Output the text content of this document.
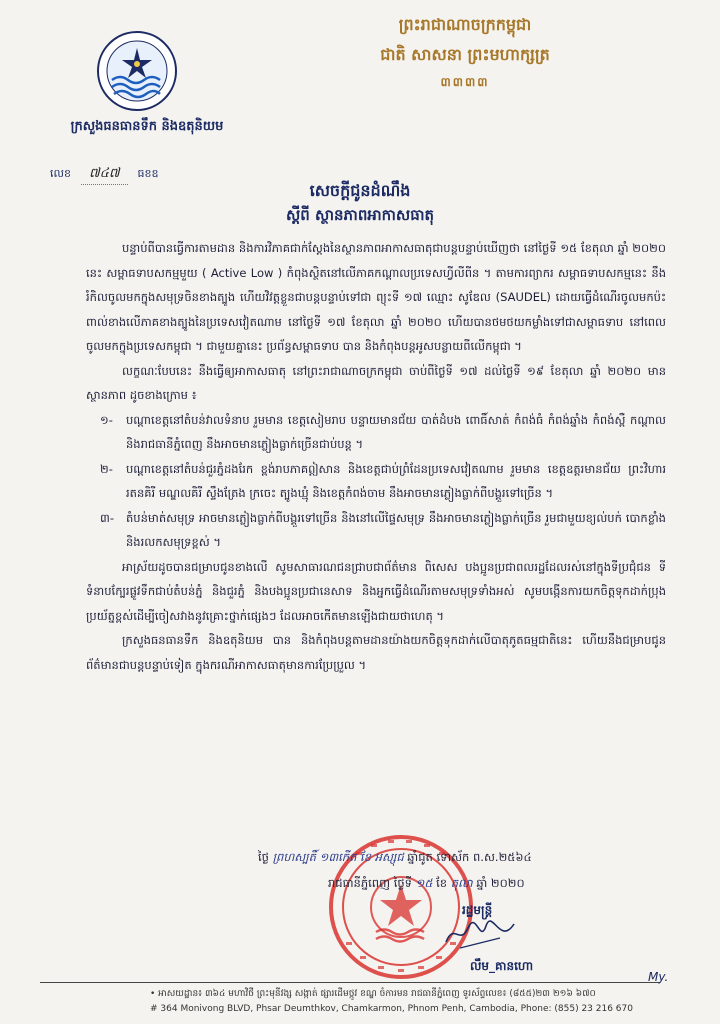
ក្រសួងធនធានទឹក និងឧតុនិយម
លេខ	៧៤៧	ធខឧ
ព្រះរាជាណាចក្រកម្ពុជា
ជាតិ សាសនា ព្រះមហាក្សត្រ
៣៣៣៣
សេចក្តីជូនដំណឹង
ស្តីពី ស្ថានភាពអាកាសធាតុ

បន្ទាប់ពីបានធ្វើការតាមដាន និងការវិភាគជាក់ស្តែងនៃស្ថានភាពអាកាសធាតុជាបន្តបន្ទាប់ឃើញថា នៅថ្ងៃទី ១៥ ខែតុលា ឆ្នាំ ២០២០ នេះ សម្ពាធទាបសកម្មមួយ ( Active Low ) កំពុងស្ថិតនៅលើភាគកណ្តាលប្រទេសហ្វីលីពីន ។ តាមការព្យាករ សម្ពាធទាបសកម្មនេះ នឹងរំកិលចូលមកក្នុងសមុទ្រចិនខាងត្បូង ហើយវិវត្តខ្លួនជាបន្តបន្ទាប់ទៅជា ព្យុះទី ១៧ ឈ្មោះ សូឌែល (SAUDEL) ដោយធ្វើដំណើរចូលមកប៉ះពាល់ខាងលើភាគខាងត្បូងនៃប្រទេសវៀតណាម នៅថ្ងៃទី ១៧ ខែតុលា ឆ្នាំ ២០២០ ហើយបានថមថយកម្លាំងទៅជាសម្ពាធទាប នៅពេលចូលមកក្នុងប្រទេសកម្ពុជា ។ ជាមួយគ្នានេះ ប្រព័ន្ធសម្ពាធទាប បាន និងកំពុងបន្តអូសបន្លាយពីលើកម្ពុជា ។

លក្ខណៈបែបនេះ នឹងធ្វើឲ្យអាកាសធាតុ នៅព្រះរាជាណាចក្រកម្ពុជា ចាប់ពីថ្ងៃទី ១៧ ដល់ថ្ងៃទី ១៩ ខែតុលា ឆ្នាំ ២០២០ មានស្ថានភាព ដូចខាងក្រោម ៖

១- បណ្តាខេត្តនៅតំបន់វាលទំនាប រួមមាន ខេត្តសៀមរាប បន្ទាយមានជ័យ បាត់ដំបង ពោធិ៍សាត់ កំពង់ធំ កំពង់ឆ្នាំង កំពង់ស្ពឺ កណ្តាល និងរាជធានីភ្នំពេញ នឹងអាចមានភ្លៀងធ្លាក់ច្រើនជាប់បន្ត ។
២- បណ្តាខេត្តនៅតំបន់ជួរភ្នំដងរែក ខ្ពង់រាបភាគឦសាន និងខេត្តជាប់ព្រំដែនប្រទេសវៀតណាម រួមមាន ខេត្តឧត្តរមានជ័យ ព្រះវិហារ រតនគិរី មណ្ឌលគិរី ស្ទឹងត្រែង ក្រចេះ ត្បូងឃ្មុំ និងខេត្តកំពង់ចាម នឹងអាចមានភ្លៀងធ្លាក់ពីបង្គួរទៅច្រើន ។
៣- តំបន់មាត់សមុទ្រ អាចមានភ្លៀងធ្លាក់ពីបង្គួរទៅច្រើន និងនៅលើផ្ទៃសមុទ្រ នឹងអាចមានភ្លៀងធ្លាក់ច្រើន រួមជាមួយខ្យល់បក់ បោកខ្លាំង និងរលកសមុទ្រខ្ពស់ ។

អាស្រ័យដូចបានជម្រាបជូនខាងលើ សូមសាធារណជនជ្រាបជាព័ត៌មាន ពិសេស បងប្អូនប្រជាពលរដ្ឋដែលរស់នៅក្នុងទីប្រជុំជន ទីទំនាបក្បែរផ្លូវទឹកជាប់តំបន់ភ្នំ និងជួរភ្នំ និងបងប្អូនប្រជានេសាទ និងអ្នកធ្វើដំណើរតាមសមុទ្រទាំងអស់ សូមបង្កើនការយកចិត្តទុកដាក់ប្រុងប្រយ័ត្នខ្ពស់ដើម្បីចៀសវាងនូវគ្រោះថ្នាក់ផ្សេងៗ ដែលអាចកើតមានឡើងជាយថាហេតុ ។

ក្រសួងធនធានទឹក និងឧតុនិយម បាន និងកំពុងបន្តតាមដានយ៉ាងយកចិត្តទុកដាក់លើបាតុភូតធម្មជាតិនេះ ហើយនឹងជម្រាបជូនព័ត៌មានជាបន្តបន្ទាប់ទៀត ក្នុងករណីអាកាសធាតុមានការប្រែប្រួល ។

ថ្ងៃ ព្រហស្បតិ៍ ១៣កើត ខែ អស្សុជ ឆ្នាំជូត ទោស័ក ព.ស.២៥៦៤
រាជធានីភ្នំពេញ ថ្ងៃទី ១៥ ខែ តុលា ឆ្នាំ ២០២០
រដ្ឋមន្ត្រី
លឹម_គានហោ
• អាសយដ្ឋាន៖ ៣៦៤ មហាវិថី ព្រះមុនីវង្ស សង្កាត់ ផ្សារដើមថ្កូវ ខណ្ឌ ចំការមន រាជធានីភ្នំពេញ ទូរស័ព្ទលេខ៖ (៨៥៥)២៣ ២១៦ ៦៧០
# 364 Monivong BLVD, Phsar Deumthkov, Chamkarmon, Phnom Penh, Cambodia, Phone: (855) 23 216 670
My.
